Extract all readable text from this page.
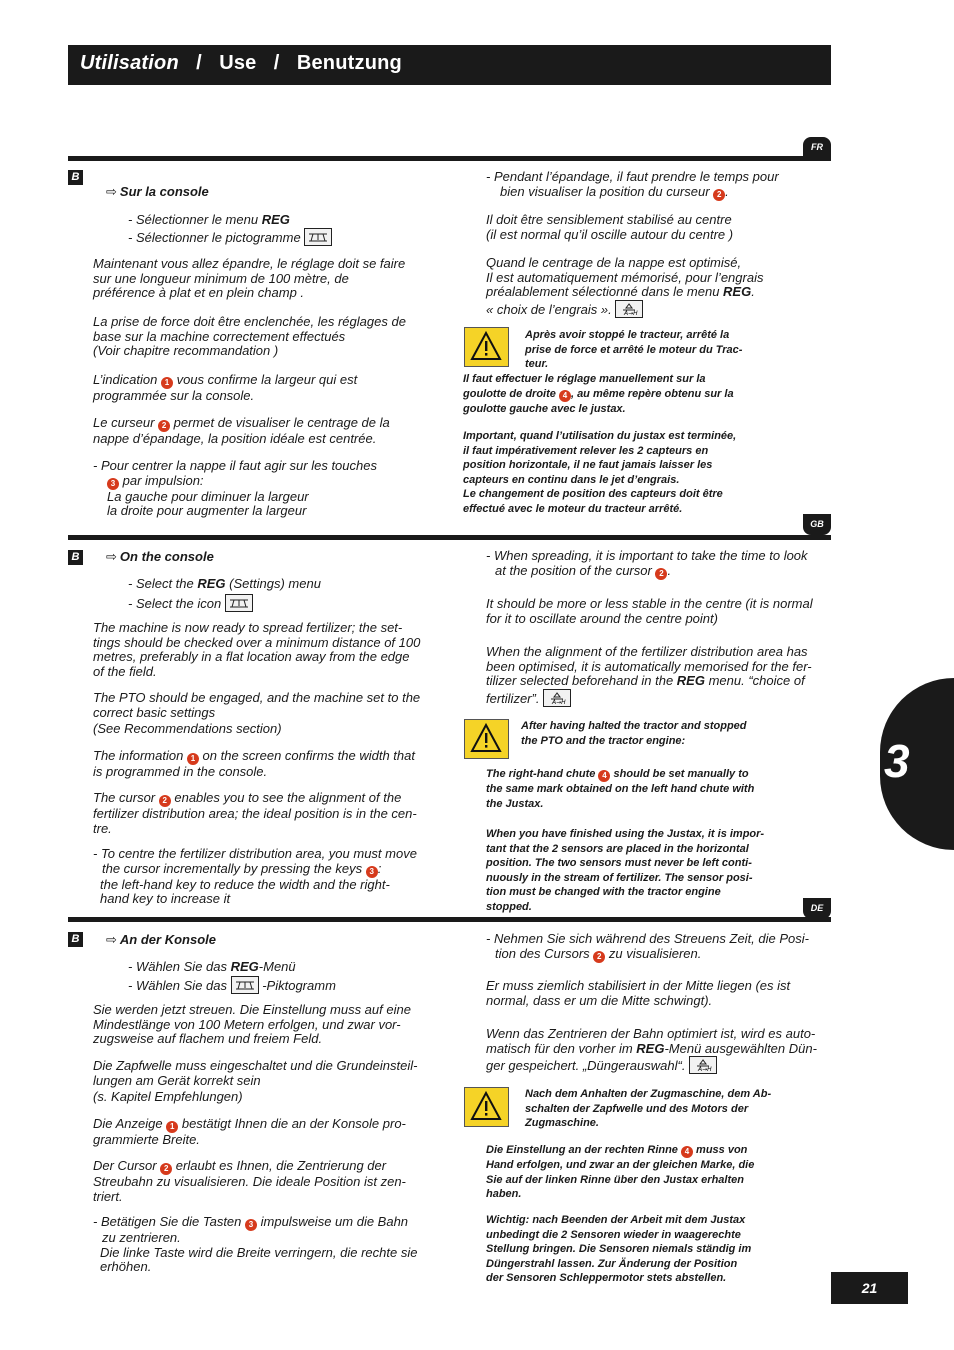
Utilisation / Use / Benutzung
FR
B
⇨ Sur la console
- Sélectionner le menu REG
- Sélectionner le pictogramme
Maintenant vous allez épandre, le réglage doit se faire
sur une longueur minimum de 100 mètre, de
préférence à plat et en plein champ .
La prise de force doit être enclenchée, les réglages de
base sur la machine correctement effectués
(Voir chapitre recommandation )
L’indication 1 vous confirme la largeur qui est
programmée sur la console.
Le curseur 2 permet de visualiser le centrage de la
nappe d’épandage, la position idéale est centrée.
- Pour centrer la nappe il faut agir sur les touches
3 par impulsion:
La gauche pour diminuer la largeur
la droite pour augmenter la largeur
- Pendant l’épandage, il faut prendre le temps pour
bien visualiser la position du curseur 2 .
Il doit être sensiblement stabilisé au centre
(il est normal qu’il oscille autour du centre )
Quand le centrage de la nappe est optimisé,
Il est automatiquement mémorisé, pour l’engrais
préalablement sélectionné dans le menu REG.
« choix de l’engrais ». A→H
Après avoir stoppé le tracteur, arrêté la
prise de force et arrêté le moteur du Trac-
teur.
Il faut effectuer le réglage manuellement sur la
goulotte de droite 4 , au même repère obtenu sur la
goulotte gauche avec le justax.
Important, quand l’utilisation du justax est terminée,
il faut impérativement relever les 2 capteurs en
position horizontale, il ne faut jamais laisser les
capteurs en continu dans le jet d’engrais.
Le changement de position des capteurs doit être
effectué avec le moteur du tracteur arrêté.
GB
B ⇨ On the console
- Select the REG (Settings) menu
- Select the icon
The machine is now ready to spread fertilizer; the set-
tings should be checked over a minimum distance of 100
metres, preferably in a flat location away from the edge
of the field.
The PTO should be engaged, and the machine set to the
correct basic settings
(See Recommendations section)
The information 1 on the screen confirms the width that
is programmed in the console.
The cursor 2 enables you to see the alignment of the
fertilizer distribution area; the ideal position is in the cen-
tre.
- To centre the fertilizer distribution area, you must move
the cursor incrementally by pressing the keys 3 :
the left-hand key to reduce the width and the right-
hand key to increase it
- When spreading, it is important to take the time to look
at the position of the cursor 2 .
It should be more or less stable in the centre (it is normal
for it to oscillate around the centre point)
When the alignment of the fertilizer distribution area has
been optimised, it is automatically memorised for the fer-
tilizer selected beforehand in the REG menu. “choice of
fertilizer”. A→H
After having halted the tractor and stopped
the PTO and the tractor engine:
The right-hand chute 4 should be set manually to
the same mark obtained on the left hand chute with
the Justax.
When you have finished using the Justax, it is impor-
tant that the 2 sensors are placed in the horizontal
position. The two sensors must never be left conti-
nuously in the stream of fertilizer. The sensor posi-
tion must be changed with the tractor engine
stopped.	DE
B ⇨ An der Konsole
- Wählen Sie das REG-Menü
- Wählen Sie das
-Piktogramm
Sie werden jetzt streuen. Die Einstellung muss auf eine
Mindestlänge von 100 Metern erfolgen, und zwar vor-
zugsweise auf flachem und freiem Feld.
Die Zapfwelle muss eingeschaltet und die Grundeinsteil-
lungen am Gerät korrekt sein
(s. Kapitel Empfehlungen)
Die Anzeige 1 bestätigt Ihnen die an der Konsole pro-
grammierte Breite.
Der Cursor 2 erlaubt es Ihnen, die Zentrierung der
Streubahn zu visualisieren. Die ideale Position ist zen-
triert.
- Betätigen Sie die Tasten 3 impulsweise um die Bahn
zu zentrieren.
Die linke Taste wird die Breite verringern, die rechte sie
erhöhen.
- Nehmen Sie sich während des Streuens Zeit, die Posi-
tion des Cursors 2 zu visualisieren.
Er muss ziemlich stabilisiert in der Mitte liegen (es ist
normal, dass er um die Mitte schwingt).
Wenn das Zentrieren der Bahn optimiert ist, wird es auto-
matisch für den vorher im REG-Menü ausgewählten Dün-
ger gespeichert. „Düngerauswahl“. A→H
Nach dem Anhalten der Zugmaschine, dem Ab-
schalten der Zapfwelle und des Motors der
Zugmaschine.
Die Einstellung an der rechten Rinne 4 muss von
Hand erfolgen, und zwar an der gleichen Marke, die
Sie auf der linken Rinne über den Justax erhalten
haben.
Wichtig: nach Beenden der Arbeit mit dem Justax
unbedingt die 2 Sensoren wieder in waagerechte
Stellung bringen. Die Sensoren niemals ständig im
Düngerstrahl lassen. Zur Änderung der Position
der Sensoren Schleppermotor stets abstellen.
3
21
